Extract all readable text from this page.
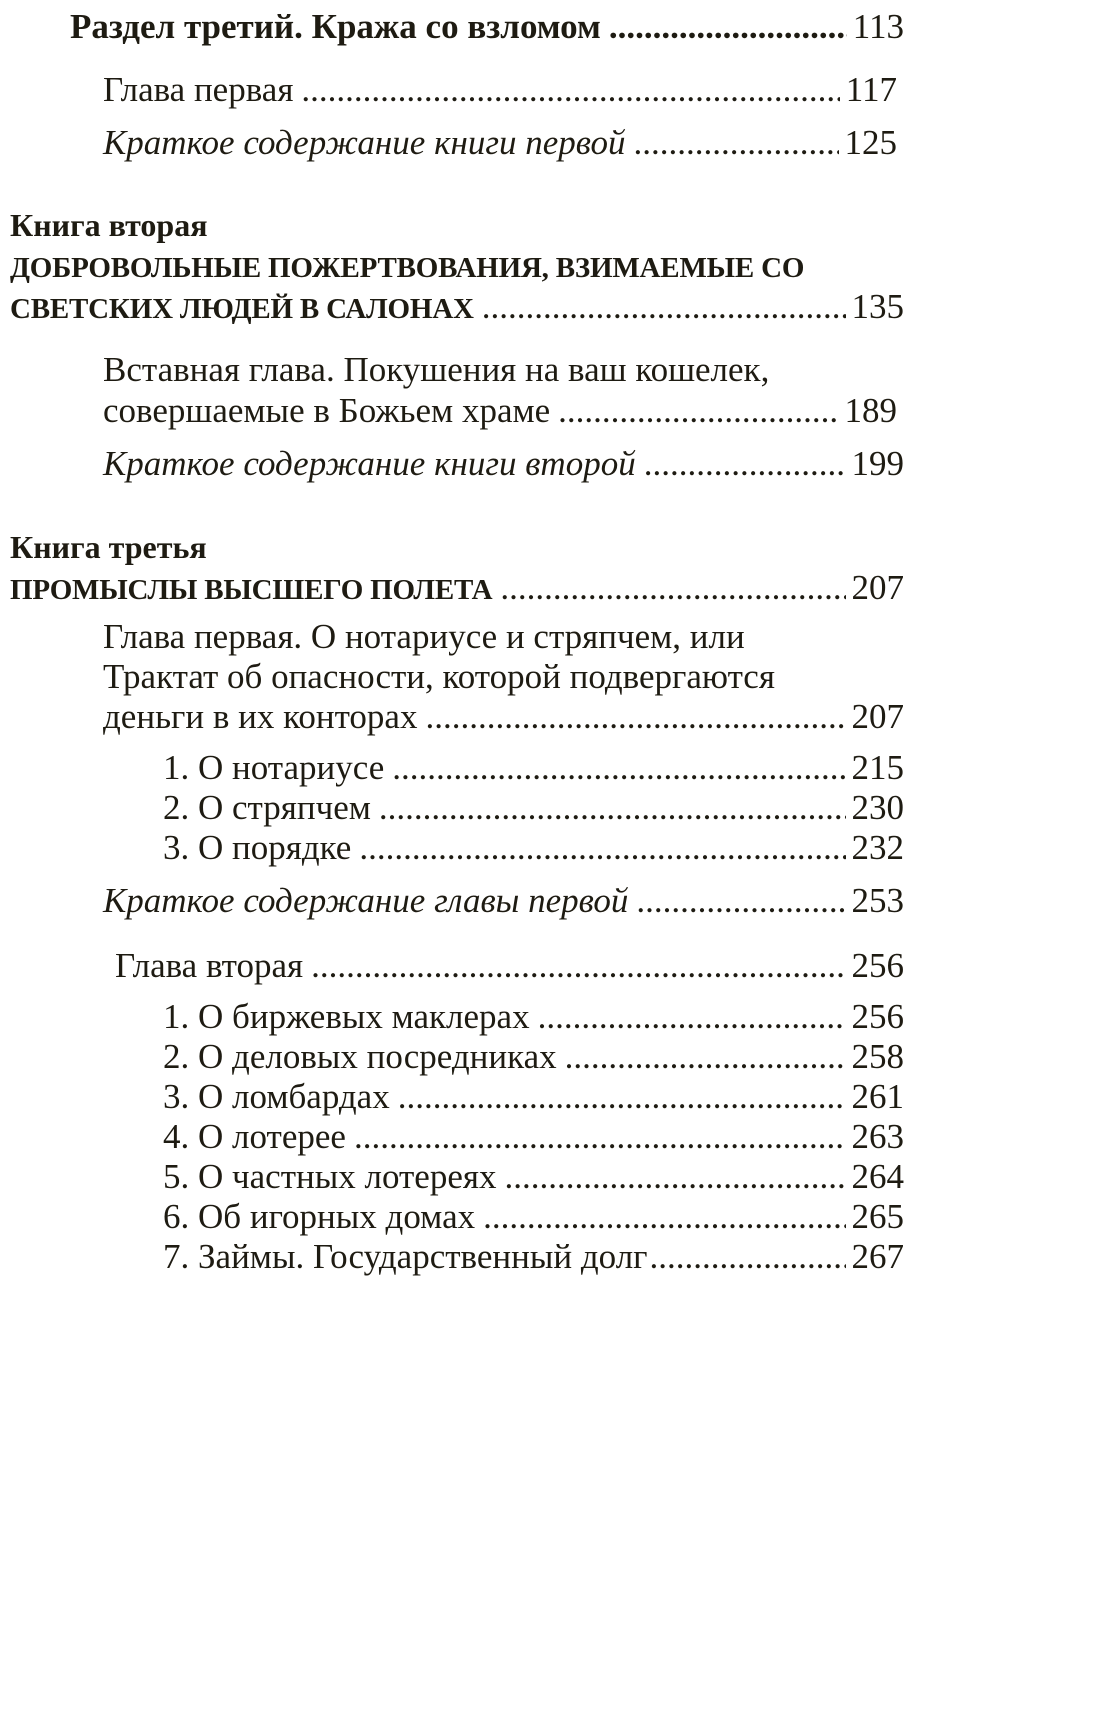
Раздел третий. Кража со взломом .....	113
Глава первая .....	117
Краткое содержание книги первой .....	125
Книга вторая
ДОБРОВОЛЬНЫЕ ПОЖЕРТВОВАНИЯ, ВЗИМАЕМЫЕ СО
СВЕТСКИХ ЛЮДЕЙ В САЛОНАХ .....	135
Вставная глава. Покушения на ваш кошелек,
совершаемые в Божьем храме .....	189
Краткое содержание книги второй .....	199
Книга третья
ПРОМЫСЛЫ ВЫСШЕГО ПОЛЕТА .....	207
Глава первая. О нотариусе и стряпчем, или
Трактат об опасности, которой подвергаются
деньги в их конторах .....	207
1. О нотариусе .....	215
2. О стряпчем .....	230
3. О порядке .....	232
Краткое содержание главы первой .....	253
Глава вторая .....	256
1. О биржевых маклерах .....	256
2. О деловых посредниках .....	258
3. О ломбардах .....	261
4. О лотерее .....	263
5. О частных лотереях .....	264
6. Об игорных домах .....	265
7. Займы. Государственный долг .....	267
